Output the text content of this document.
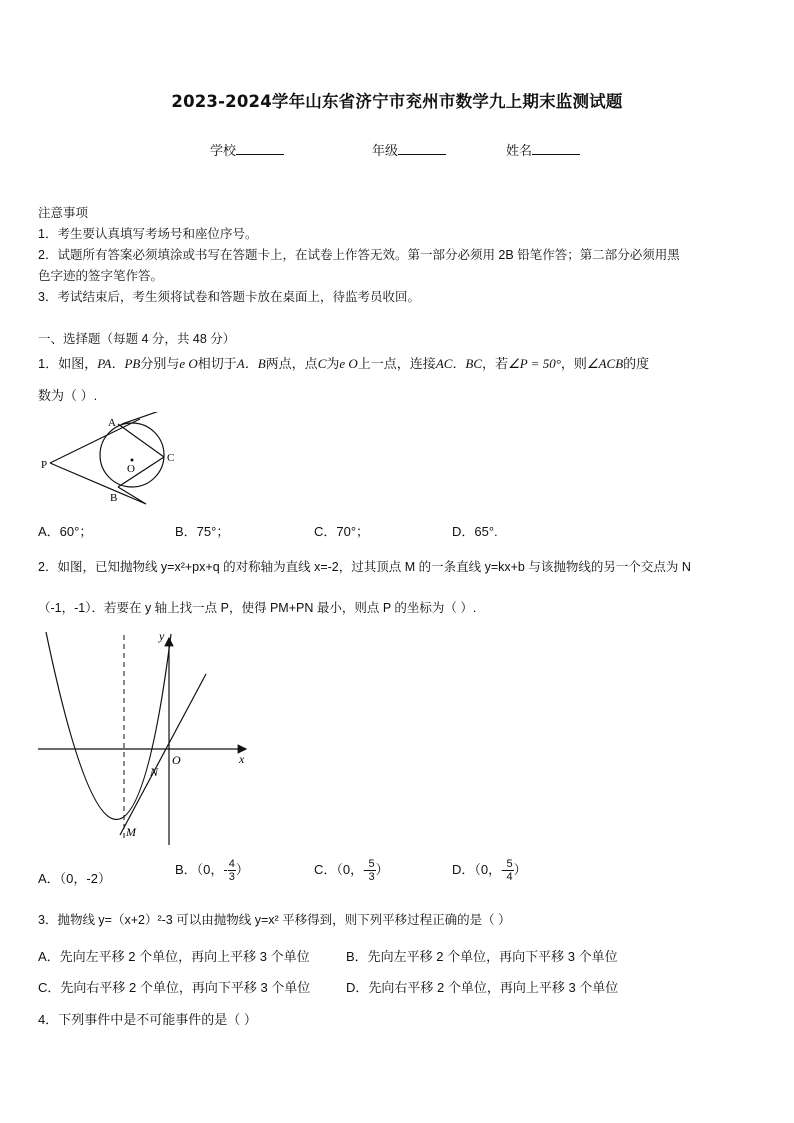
2023-2024学年山东省济宁市兖州市数学九上期末监测试题
学校	年级	姓名
注意事项
1．考生要认真填写考场号和座位序号。
2．试题所有答案必须填涂或书写在答题卡上，在试卷上作答无效。第一部分必须用 2B 铅笔作答；第二部分必须用黑
色字迹的签字笔作答。
3．考试结束后，考生须将试卷和答题卡放在桌面上，待监考员收回。
一、选择题（每题 4 分，共 48 分）
1．如图，PA．PB分别与e O相切于A．B两点，点C为e O上一点，连接AC．BC，若∠P = 50°，则∠ACB的度
数为（ ）.
A
B
C
P	O
A．60°；	B．75°；	C．70°；	D．65°.
2．如图，已知抛物线 y=x²+px+q 的对称轴为直线 x=-2，过其顶点 M 的一条直线 y=kx+b 与该抛物线的另一个交点为 N
（-1，-1）．若要在 y 轴上找一点 P，使得 PM+PN 最小，则点 P 的坐标为（ ）.
y
x
O
N
M
A．（0，-2）
B．（0，- $\frac{4}{3}$ ）	C．（0，- $\frac{5}{3}$ ）	D．（0，- $\frac{5}{4}$ ）
3．抛物线 y=（x+2）²-3 可以由抛物线 y=x² 平移得到，则下列平移过程正确的是（ ）
A．先向左平移 2 个单位，再向上平移 3 个单位	B．先向左平移 2 个单位，再向下平移 3 个单位
C．先向右平移 2 个单位，再向下平移 3 个单位	D．先向右平移 2 个单位，再向上平移 3 个单位
4．下列事件中是不可能事件的是（ ）
